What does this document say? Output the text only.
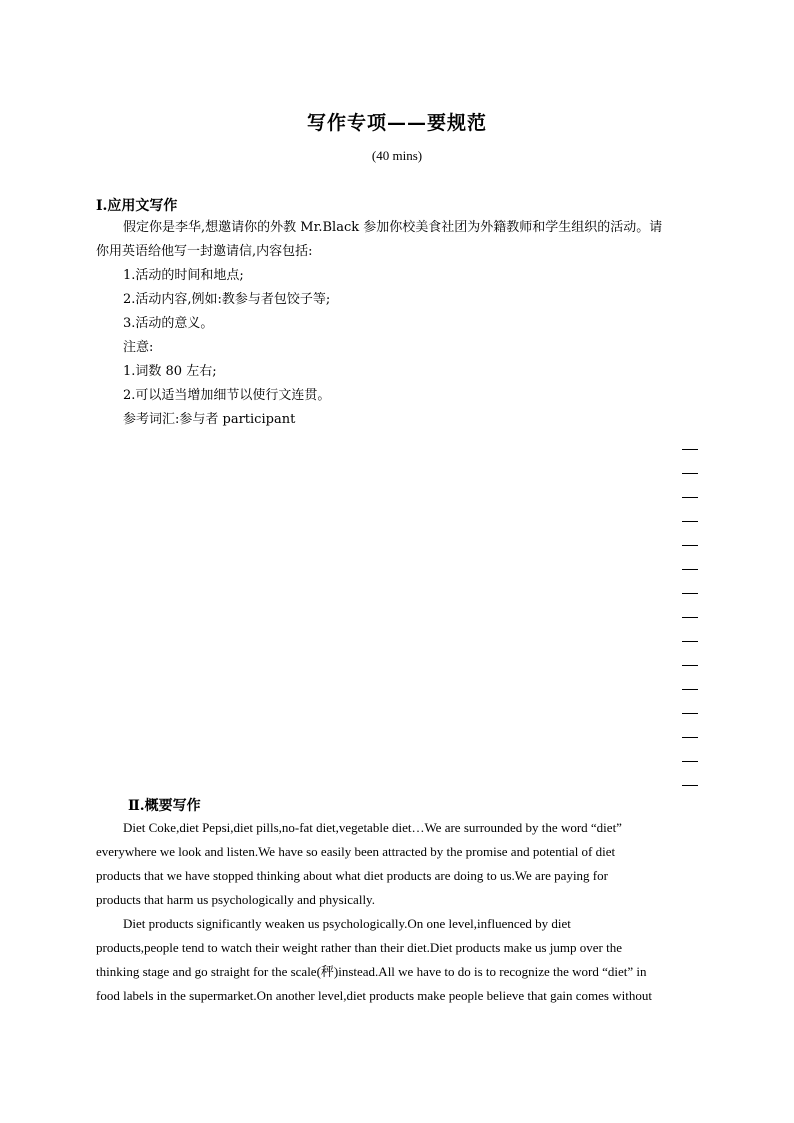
写作专项——要规范
(40 mins)
Ⅰ.应用文写作
假定你是李华,想邀请你的外教 Mr.Black 参加你校美食社团为外籍教师和学生组织的活动。请
你用英语给他写一封邀请信,内容包括:
1.活动的时间和地点;
2.活动内容,例如:教参与者包饺子等;
3.活动的意义。
注意:
1.词数 80 左右;
2.可以适当增加细节以使行文连贯。
参考词汇:参与者 participant
Ⅱ.概要写作
Diet Coke,diet Pepsi,diet pills,no-fat diet,vegetable diet…We are surrounded by the word “diet”
everywhere we look and listen.We have so easily been attracted by the promise and potential of diet
products that we have stopped thinking about what diet products are doing to us.We are paying for
products that harm us psychologically and physically.
Diet products significantly weaken us psychologically.On one level,influenced by diet
products,people tend to watch their weight rather than their diet.Diet products make us jump over the
thinking stage and go straight for the scale(秤)instead.All we have to do is to recognize the word “diet” in
food labels in the supermarket.On another level,diet products make people believe that gain comes without
